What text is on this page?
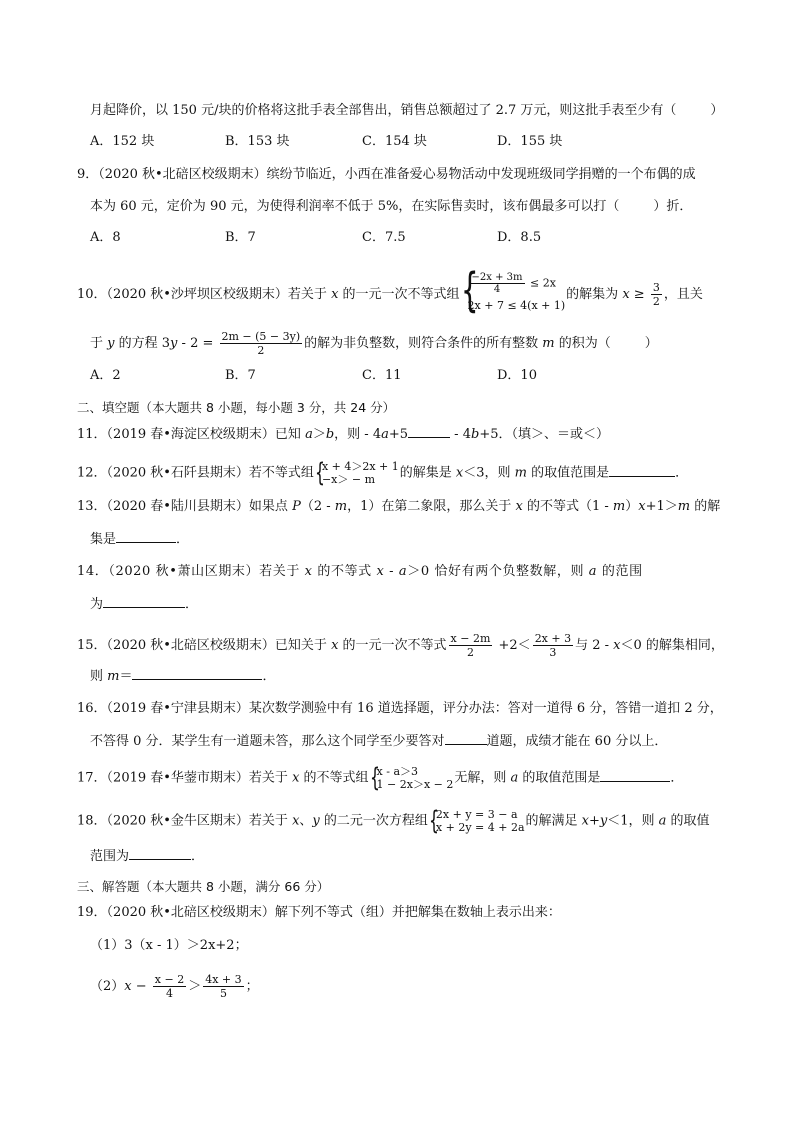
月起降价，以 150 元/块的价格将这批手表全部售出，销售总额超过了 2.7 万元，则这批手表至少有（	）
A．152 块	B．153 块	C．154 块	D．155 块
9．（2020 秋•北碚区校级期末）缤纷节临近，小西在准备爱心易物活动中发现班级同学捐赠的一个布偶的成
本为 60 元，定价为 90 元，为使得利润率不低于 5%，在实际售卖时，该布偶最多可以打（	）折．
A．8	B．7	C．7.5	D．8.5
10．（2020 秋•沙坪坝区校级期末）若关于 x 的一元一次不等式组 {
$\frac{-2x + 3m}{4} \le 2x$
2x + 7 ≤ 4(x + 1)
的解集为 $x \ge \frac{3}{2}$ ，且关
于 y 的方程 $3y - 2 = \frac{2m - (5 - 3y)}{2}$ 的解为非负整数，则符合条件的所有整数 m 的积为（	）
A．2	B．7	C．11	D．10
二、填空题（本大题共 8 小题，每小题 3 分，共 24 分）
11．（2019 春•海淀区校级期末）已知 a＞b，则 - 4a+5	- 4b+5．（填＞、＝或＜）
12．（2020 秋•石阡县期末）若不等式组 {
x + 4＞2x + 1
−x＞ − m	的解集是 x＜3，则 m 的取值范围是	．
13．（2020 春•陆川县期末）如果点 P（2 - m，1）在第二象限，那么关于 x 的不等式（1 - m）x+1＞m 的解
集是	．
14．（2020 秋•萧山区期末）若关于 x 的不等式 x - a＞0 恰好有两个负整数解，则 a 的范围
为	．
15．（2020 秋•北碚区校级期末）已知关于 x 的一元一次不等式 $\frac{x - 2m}{2} +2< \frac{2x + 3}{3}$ 与 2 - x＜0 的解集相同，
则 m＝	．
16．（2019 春•宁津县期末）某次数学测验中有 16 道选择题，评分办法：答对一道得 6 分，答错一道扣 2 分，
不答得 0 分．某学生有一道题未答，那么这个同学至少要答对	道题，成绩才能在 60 分以上．
17．（2019 春•华蓥市期末）若关于 x 的不等式组 {
x - a＞3
1 − 2x＞x − 2 无解，则 a 的取值范围是	．
18．（2020 秋•金牛区期末）若关于 x、y 的二元一次方程组 {
2x + y = 3 − a
x + 2y = 4 + 2a 的解满足 x+y＜1，则 a 的取值
范围为	．
三、解答题（本大题共 8 小题，满分 66 分）
19．（2020 秋•北碚区校级期末）解下列不等式（组）并把解集在数轴上表示出来：
（1）3（x - 1）＞2x+2；
$(2)x - \frac{x - 2}{4} > \frac{4x + 3}{5}$ ；
